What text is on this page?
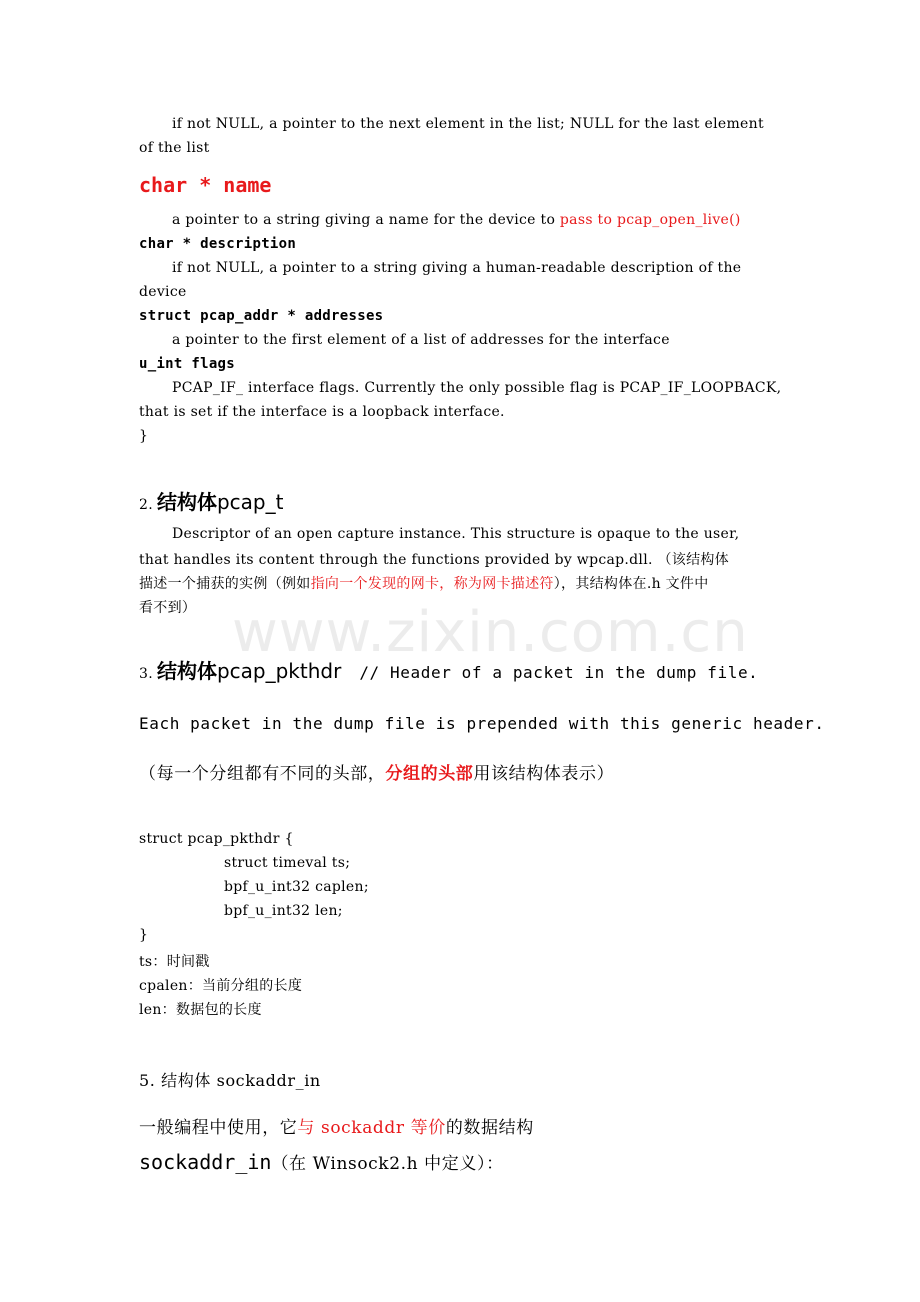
www.zixin.com.cn
if not NULL, a pointer to the next element in the list; NULL for the last element
of the list
char * name
a pointer to a string giving a name for the device to pass to pcap_open_live()
char * description
if not NULL, a pointer to a string giving a human-readable description of the
device
struct pcap_addr * addresses
a pointer to the first element of a list of addresses for the interface
u_int flags
PCAP_IF_ interface flags. Currently the only possible flag is PCAP_IF_LOOPBACK,
that is set if the interface is a loopback interface.
}
2. 结构体pcap_t
Descriptor of an open capture instance. This structure is opaque to the user,
that handles its content through the functions provided by wpcap.dll. （该结构体
描述一个捕获的实例（例如指向一个发现的网卡，称为网卡描述符），其结构体在.h 文件中
看不到）
3. 结构体pcap_pkthdr // Header of a packet in the dump file.
Each packet in the dump file is prepended with this generic header.
（每一个分组都有不同的头部，分组的头部用该结构体表示）
struct pcap_pkthdr {
struct timeval ts;
bpf_u_int32 caplen;
bpf_u_int32 len;
}
ts：时间戳
cpalen：当前分组的长度
len：数据包的长度
5. 结构体 sockaddr_in
一般编程中使用，它与 sockaddr 等价的数据结构
sockaddr_in（在 Winsock2.h 中定义）：
